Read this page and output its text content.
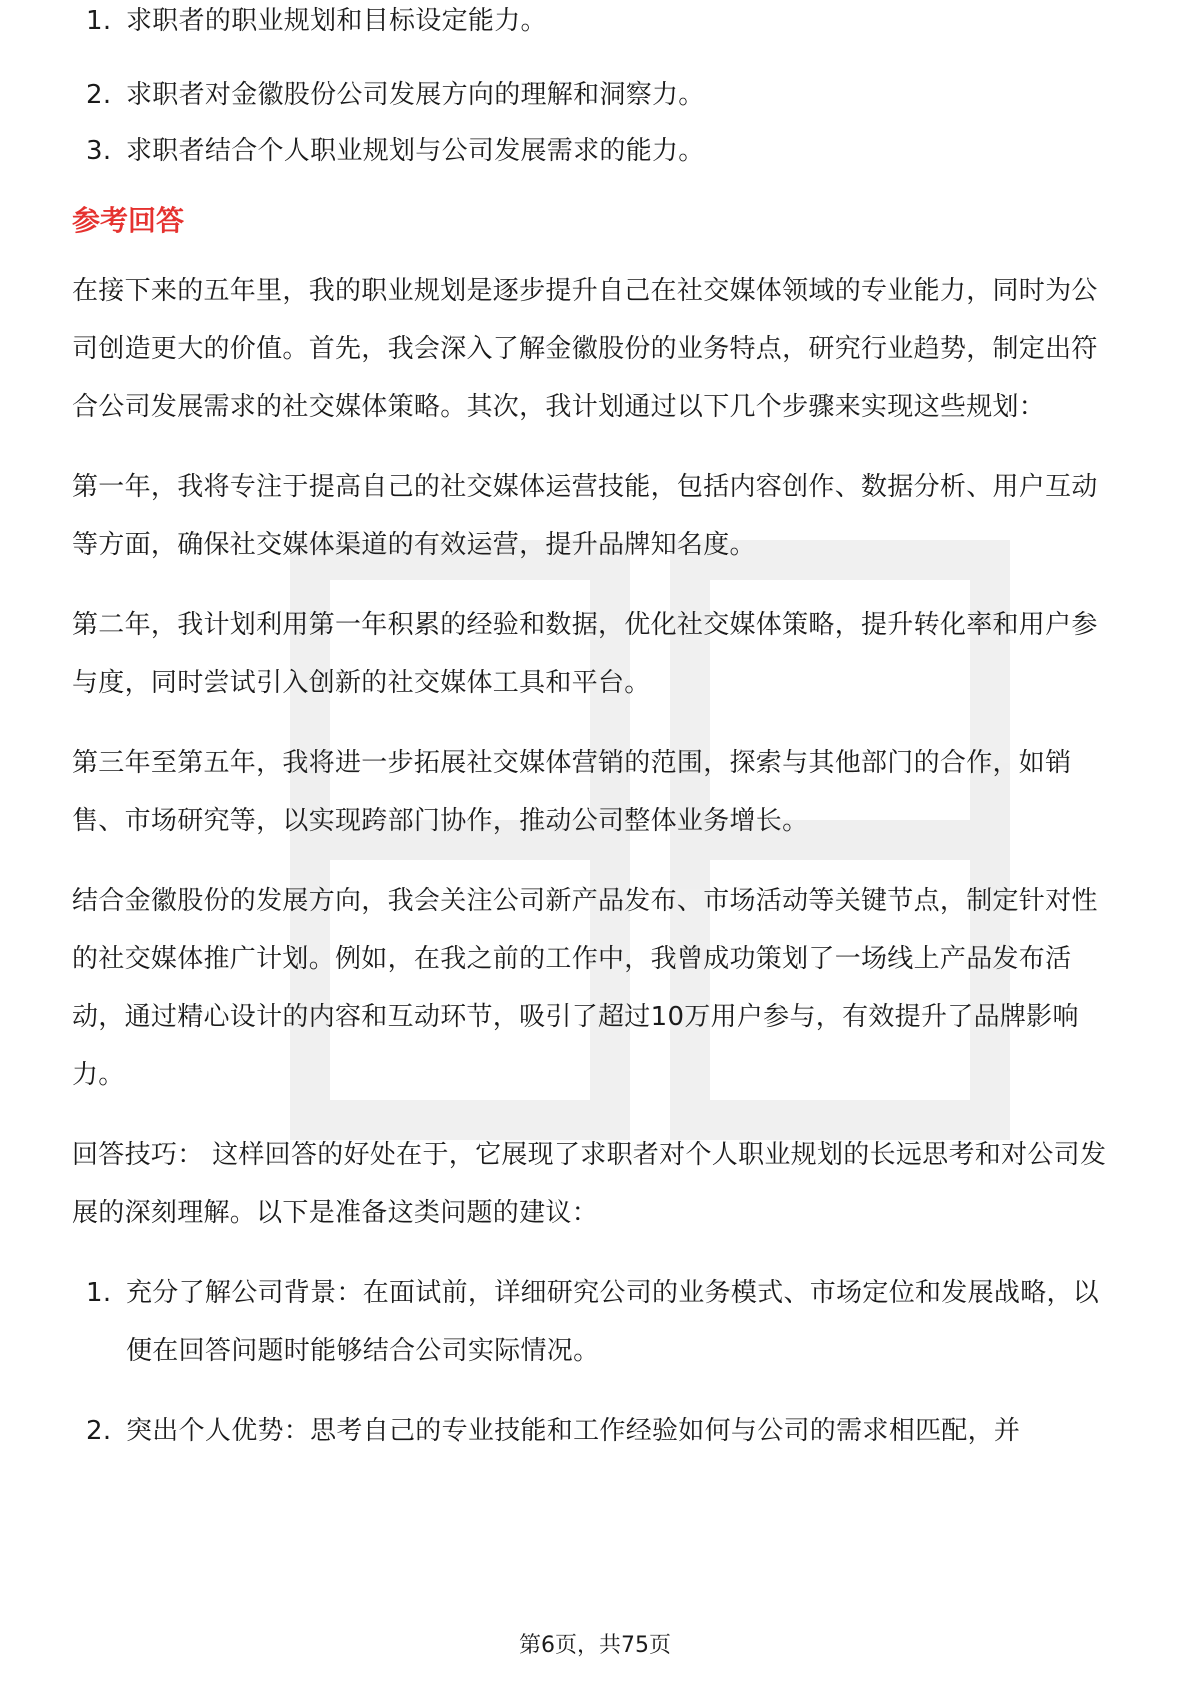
1. 求职者的职业规划和目标设定能力。
2. 求职者对金徽股份公司发展方向的理解和洞察力。
3. 求职者结合个人职业规划与公司发展需求的能力。
参考回答

在接下来的五年里，我的职业规划是逐步提升自己在社交媒体领域的专业能力，同时为公司创造更大的价值。首先，我会深入了解金徽股份的业务特点，研究行业趋势，制定出符合公司发展需求的社交媒体策略。其次，我计划通过以下几个步骤来实现这些规划：

第一年，我将专注于提高自己的社交媒体运营技能，包括内容创作、数据分析、用户互动等方面，确保社交媒体渠道的有效运营，提升品牌知名度。

第二年，我计划利用第一年积累的经验和数据，优化社交媒体策略，提升转化率和用户参与度，同时尝试引入创新的社交媒体工具和平台。

第三年至第五年，我将进一步拓展社交媒体营销的范围，探索与其他部门的合作，如销售、市场研究等，以实现跨部门协作，推动公司整体业务增长。

结合金徽股份的发展方向，我会关注公司新产品发布、市场活动等关键节点，制定针对性的社交媒体推广计划。例如，在我之前的工作中，我曾成功策划了一场线上产品发布活动，通过精心设计的内容和互动环节，吸引了超过10万用户参与，有效提升了品牌影响力。

回答技巧： 这样回答的好处在于，它展现了求职者对个人职业规划的长远思考和对公司发展的深刻理解。以下是准备这类问题的建议：

1. 充分了解公司背景：在面试前，详细研究公司的业务模式、市场定位和发展战略，以便在回答问题时能够结合公司实际情况。
2. 突出个人优势：思考自己的专业技能和工作经验如何与公司的需求相匹配，并
第6页，共75页
